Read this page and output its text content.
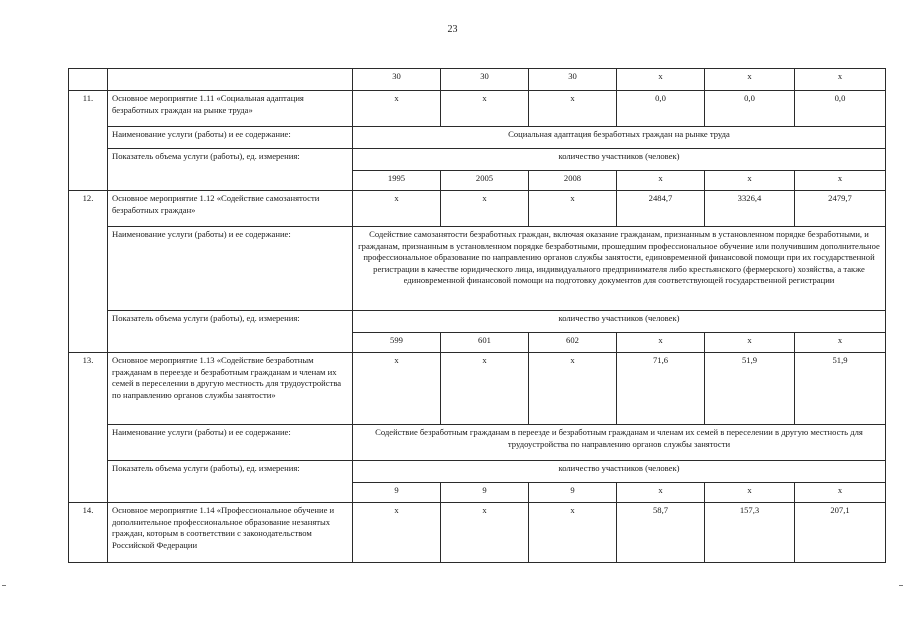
23
		30	30	30	x	x	x
11.	Основное мероприятие 1.11 «Социальная адаптация безработных граждан на рынке труда»	x	x	x	0,0	0,0	0,0
	Наименование услуги (работы) и ее содержание:	Социальная адаптация безработных граждан на рынке труда					
	Показатель объема услуги (работы), ед. измерения:	количество участников (человек)					
		1995	2005	2008	x	x	x
12.	Основное мероприятие 1.12 «Содействие самозанятости безработных граждан»	x	x	x	2484,7	3326,4	2479,7
	Наименование услуги (работы) и ее содержание:	Содействие самозанятости безработных граждан, включая оказание гражданам, признанным в установленном порядке безработными, и гражданам, признанным в установленном порядке безработными, прошедшим профессиональное обучение или получившим дополнительное профессиональное образование по направлению органов службы занятости, единовременной финансовой помощи при их государственной регистрации в качестве юридического лица, индивидуального предпринимателя либо крестьянского (фермерского) хозяйства, а также единовременной финансовой помощи на подготовку документов для соответствующей государственной регистрации					
	Показатель объема услуги (работы), ед. измерения:	количество участников (человек)					
		599	601	602	x	x	x
13.	Основное мероприятие 1.13 «Содействие безработным гражданам в переезде и безработным гражданам и членам их семей в переселении в другую местность для трудоустройства по направлению органов службы занятости»	x	x	x	71,6	51,9	51,9
	Наименование услуги (работы) и ее содержание:	Содействие безработным гражданам в переезде и безработным гражданам и членам их семей в переселении в другую местность для трудоустройства по направлению органов службы занятости					
	Показатель объема услуги (работы), ед. измерения:	количество участников (человек)					
		9	9	9	x	x	x
14.	Основное мероприятие 1.14 «Профессиональное обучение и дополнительное профессиональное образование незанятых граждан, которым в соответствии с законодательством Российской Федерации	x	x	x	58,7	157,3	207,1
